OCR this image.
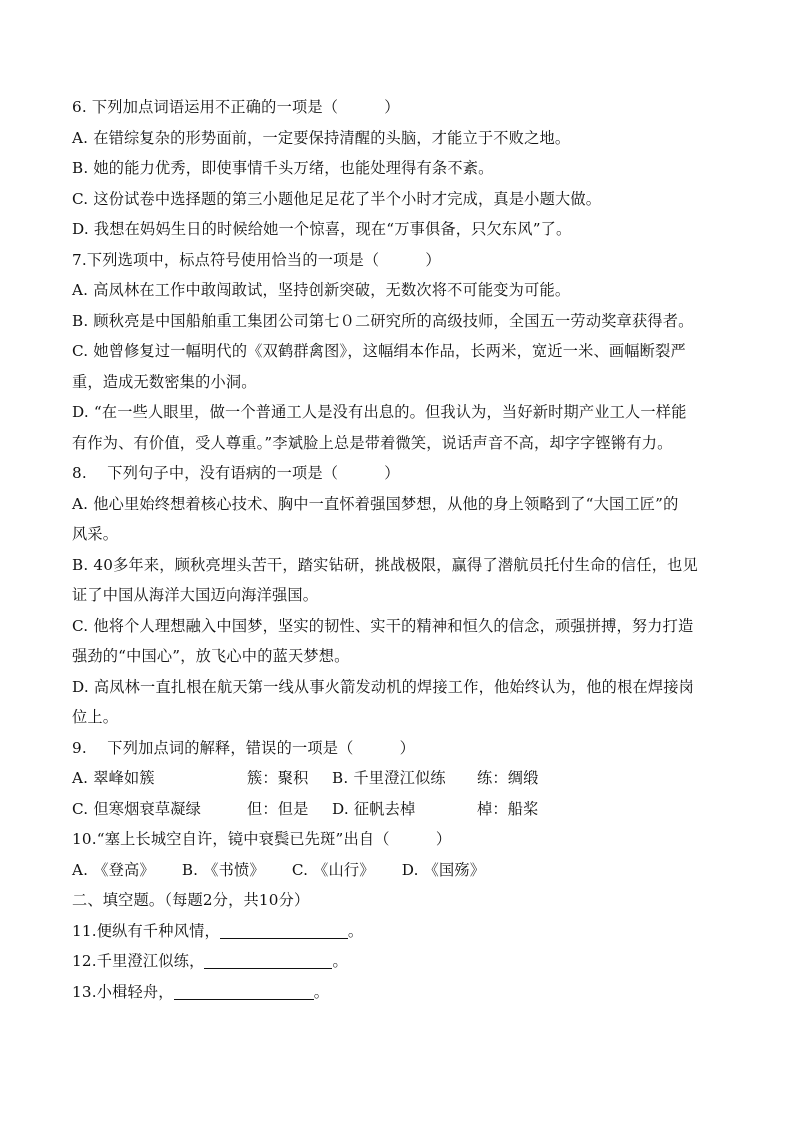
6. 下列加点词语运用不正确的一项是（　　　）
A. 在错综复杂的形势面前，一定要保持清醒的头脑，才能立于不败之地。
B. 她的能力优秀，即使事情千头万绪，也能处理得有条不紊。
C. 这份试卷中选择题的第三小题他足足花了半个小时才完成，真是小题大做。
D. 我想在妈妈生日的时候给她一个惊喜，现在“万事俱备，只欠东风”了。
7.下列选项中，标点符号使用恰当的一项是（　　　）
A. 高凤林在工作中敢闯敢试，坚持创新突破，无数次将不可能变为可能。
B. 顾秋亮是中国船舶重工集团公司第七０二研究所的高级技师，全国五一劳动奖章获得者。
C. 她曾修复过一幅明代的《双鹤群禽图》，这幅绢本作品，长两米，宽近一米、画幅断裂严
重，造成无数密集的小洞。
D. “在一些人眼里，做一个普通工人是没有出息的。但我认为，当好新时期产业工人一样能
有作为、有价值，受人尊重。”李斌脸上总是带着微笑，说话声音不高，却字字铿锵有力。
8.　 下列句子中，没有语病的一项是（　　　）
A. 他心里始终想着核心技术、胸中一直怀着强国梦想，从他的身上领略到了“大国工匠”的
风采。
B. 40多年来，顾秋亮埋头苦干，踏实钻研，挑战极限，赢得了潜航员托付生命的信任，也见
证了中国从海洋大国迈向海洋强国。
C. 他将个人理想融入中国梦，坚实的韧性、实干的精神和恒久的信念，顽强拼搏，努力打造
强劲的“中国心”，放飞心中的蓝天梦想。
D. 高凤林一直扎根在航天第一线从事火箭发动机的焊接工作，他始终认为，他的根在焊接岗
位上。
9.　 下列加点词的解释，错误的一项是（　　　）
A. 翠峰如簇	簇：聚积	B. 千里澄江似练	练：绸缎
C. 但寒烟衰草凝绿	但：但是	D. 征帆去棹	棹：船桨
10.“塞上长城空自许，镜中衰鬓已先斑”出自（　　　）
A. 《登高》 B. 《书愤》 C. 《山行》 D. 《国殇》
二、填空题。（每题2分，共10分）
11.便纵有千种风情，	。
12.千里澄江似练，	。
13.小楫轻舟，	。
